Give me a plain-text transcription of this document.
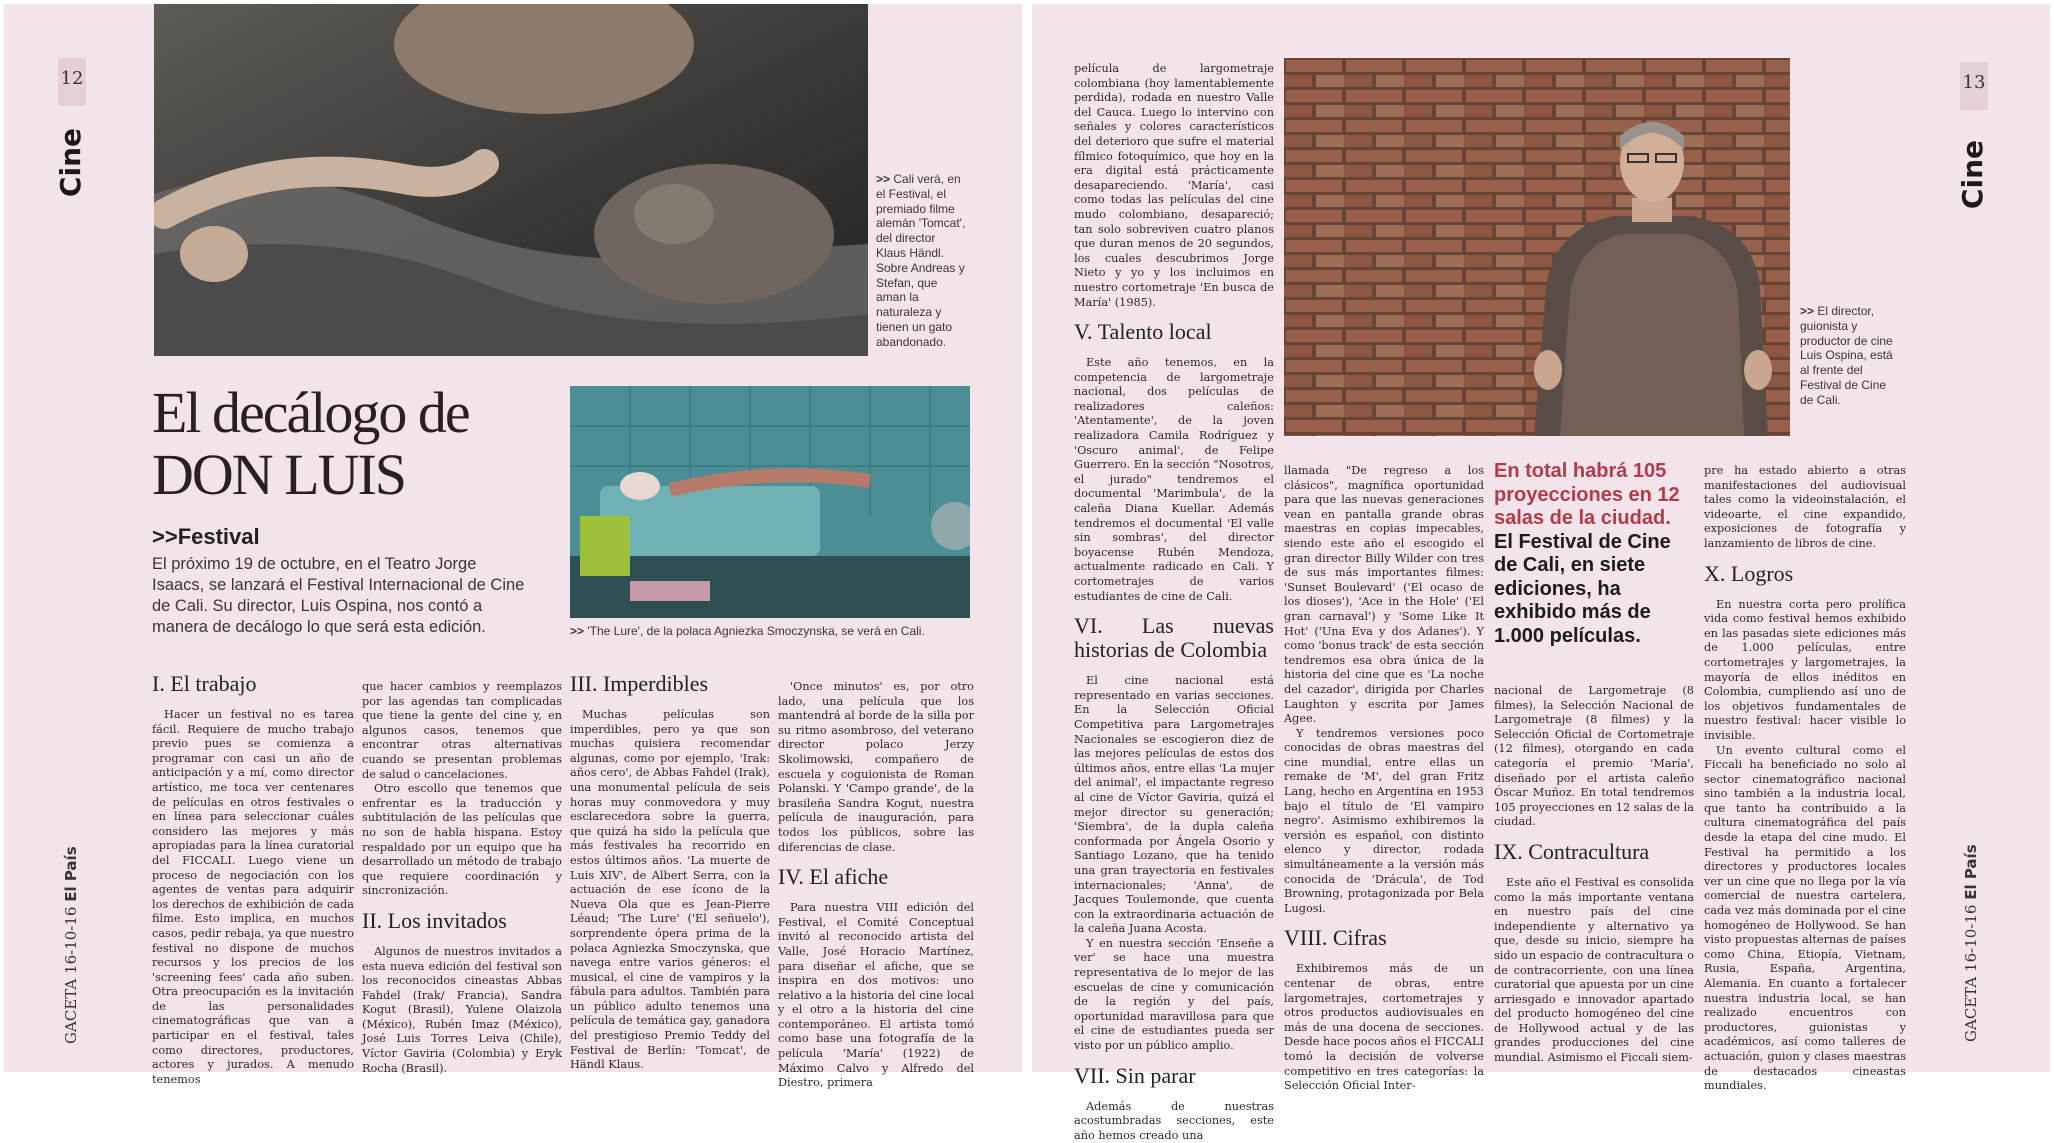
12
Cine
GACETA 16-10-16 El País
>> Cali verá, en el Festival, el premiado filme alemán 'Tomcat', del director Klaus Händl. Sobre Andreas y Stefan, que aman la naturaleza y tienen un gato abandonado.
El decálogo de
DON LUIS
>>Festival
El próximo 19 de octubre, en el Teatro Jorge Isaacs, se lanzará el Festival Internacional de Cine de Cali. Su director, Luis Ospina, nos contó a manera de decálogo lo que será esta edición.	>> 'The Lure', de la polaca Agniezka Smoczynska, se verá en Cali.
I. El trabajo

Hacer un festival no es tarea fácil. Requiere de mucho trabajo previo pues se comienza a programar con casi un año de anticipación y a mí, como director artístico, me toca ver centenares de películas en otros festivales o en línea para seleccionar cuáles considero las mejores y más apropiadas para la línea curatorial del FICCALI. Luego viene un proceso de negociación con los agentes de ventas para adquirir los derechos de exhibición de cada filme. Esto implica, en muchos casos, pedir rebaja, ya que nuestro festival no dispone de muchos recursos y los precios de los 'screening fees' cada año suben. Otra preocupación es la invitación de las personalidades cinematográficas que van a participar en el festival, tales como directores, productores, actores y jurados. A menudo tenemos

que hacer cambios y reemplazos por las agendas tan complicadas que tiene la gente del cine y, en algunos casos, tenemos que encontrar otras alternativas cuando se presentan problemas de salud o cancelaciones.

Otro escollo que tenemos que enfrentar es la traducción y subtitulación de las películas que no son de habla hispana. Estoy respaldado por un equipo que ha desarrollado un método de trabajo que requiere coordinación y sincronización.

II. Los invitados

Algunos de nuestros invitados a esta nueva edición del festival son los reconocidos cineastas Abbas Fahdel (Irak/ Francia), Sandra Kogut (Brasil), Yulene Olaizola (México), Rubén Imaz (México), José Luis Torres Leiva (Chile), Víctor Gaviria (Colombia) y Eryk Rocha (Brasil).

III. Imperdibles

Muchas películas son imperdibles, pero ya que son muchas quisiera recomendar algunas, como por ejemplo, 'Irak: años cero', de Abbas Fahdel (Irak), una monumental película de seis horas muy conmovedora y muy esclarecedora sobre la guerra, que quizá ha sido la película que más festivales ha recorrido en estos últimos años. 'La muerte de Luis XIV', de Albert Serra, con la actuación de ese ícono de la Nueva Ola que es Jean-Pierre Léaud; 'The Lure' ('El señuelo'), sorprendente ópera prima de la polaca Agniezka Smoczynska, que navega entre varios géneros: el musical, el cine de vampiros y la fábula para adultos. También para un público adulto tenemos una película de temática gay, ganadora del prestigioso Premio Teddy del Festival de Berlín: 'Tomcat', de Händl Klaus.

'Once minutos' es, por otro lado, una película que los mantendrá al borde de la silla por su ritmo asombroso, del veterano director polaco Jerzy Skolimowski, compañero de escuela y coguionista de Roman Polanski. Y 'Campo grande', de la brasileña Sandra Kogut, nuestra película de inauguración, para todos los públicos, sobre las diferencias de clase.

IV. El afiche

Para nuestra VIII edición del Festival, el Comité Conceptual invitó al reconocido artista del Valle, José Horacio Martínez, para diseñar el afiche, que se inspira en dos motivos: uno relativo a la historia del cine local y el otro a la historia del cine contemporáneo. El artista tomó como base una fotografía de la película 'María' (1922) de Máximo Calvo y Alfredo del Diestro, primera

13
Cine
GACETA 16-10-16 El País
>> El director, guionista y productor de cine Luis Ospina, está al frente del Festival de Cine de Cali.

película de largometraje colombiana (hoy lamentablemente perdida), rodada en nuestro Valle del Cauca. Luego lo intervino con señales y colores característicos del deterioro que sufre el material fílmico fotoquímico, que hoy en la era digital está prácticamente desapareciendo. 'María', casi como todas las películas del cine mudo colombiano, desapareció; tan solo sobreviven cuatro planos que duran menos de 20 segundos, los cuales descubrimos Jorge Nieto y yo y los incluimos en nuestro cortometraje 'En busca de María' (1985).

V. Talento local

Este año tenemos, en la competencia de largometraje nacional, dos películas de realizadores caleños: 'Atentamente', de la joven realizadora Camila Rodríguez y 'Oscuro animal', de Felipe Guerrero. En la sección "Nosotros, el jurado" tendremos el documental 'Marimbula', de la caleña Diana Kuellar. Además tendremos el documental 'El valle sin sombras', del director boyacense Rubén Mendoza, actualmente radicado en Cali. Y cortometrajes de varios estudiantes de cine de Cali.

VI. Las nuevas historias de Colombia

El cine nacional está representado en varias secciones. En la Selección Oficial Competitiva para Largometrajes Nacionales se escogieron diez de las mejores películas de estos dos últimos años, entre ellas 'La mujer del animal', el impactante regreso al cine de Víctor Gaviria, quizá el mejor director su generación; 'Siembra', de la dupla caleña conformada por Ángela Osorio y Santiago Lozano, que ha tenido una gran trayectoria en festivales internacionales; 'Anna', de Jacques Toulemonde, que cuenta con la extraordinaria actuación de la caleña Juana Acosta.

Y en nuestra sección 'Enseñe a ver' se hace una muestra representativa de lo mejor de las escuelas de cine y comunicación de la región y del país, oportunidad maravillosa para que el cine de estudiantes pueda ser visto por un público amplio.

VII. Sin parar

Además de nuestras acostumbradas secciones, este año hemos creado una

llamada "De regreso a los clásicos", magnífica oportunidad para que las nuevas generaciones vean en pantalla grande obras maestras en copias impecables, siendo este año el escogido el gran director Billy Wilder con tres de sus más importantes filmes: 'Sunset Boulevard' ('El ocaso de los dioses'), 'Ace in the Hole' ('El gran carnaval') y 'Some Like It Hot' ('Una Eva y dos Adanes'). Y como 'bonus track' de esta sección tendremos esa obra única de la historia del cine que es 'La noche del cazador', dirigida por Charles Laughton y escrita por James Agee.

Y tendremos versiones poco conocidas de obras maestras del cine mundial, entre ellas un remake de 'M', del gran Fritz Lang, hecho en Argentina en 1953 bajo el título de 'El vampiro negro'. Asimismo exhibiremos la versión es español, con distinto elenco y director, rodada simultáneamente a la versión más conocida de 'Drácula', de Tod Browning, protagonizada por Bela Lugosi.

VIII. Cifras

Exhibiremos más de un centenar de obras, entre largometrajes, cortometrajes y otros productos audiovisuales en más de una docena de secciones. Desde hace pocos años el FICCALI tomó la decisión de volverse competitivo en tres categorías: la Selección Oficial Inter-

En total habrá 105 proyecciones en 12 salas de la ciudad. El Festival de Cine de Cali, en siete ediciones, ha exhibido más de 1.000 películas.

nacional de Largometraje (8 filmes), la Selección Nacional de Largometraje (8 filmes) y la Selección Oficial de Cortometraje (12 filmes), otorgando en cada categoría el premio 'María', diseñado por el artista caleño Óscar Muñoz. En total tendremos 105 proyecciones en 12 salas de la ciudad.

IX. Contracultura

Este año el Festival es consolida como la más importante ventana en nuestro país del cine independiente y alternativo ya que, desde su inicio, siempre ha sido un espacio de contracultura o de contracorriente, con una línea curatorial que apuesta por un cine arriesgado e innovador apartado del producto homogéneo del cine de Hollywood actual y de las grandes producciones del cine mundial. Asimismo el Ficcali siem-

pre ha estado abierto a otras manifestaciones del audiovisual tales como la videoinstalación, el videoarte, el cine expandido, exposiciones de fotografía y lanzamiento de libros de cine.

X. Logros

En nuestra corta pero prolífica vida como festival hemos exhibido en las pasadas siete ediciones más de 1.000 películas, entre cortometrajes y largometrajes, la mayoría de ellos inéditos en Colombia, cumpliendo así uno de los objetivos fundamentales de nuestro festival: hacer visible lo invisible.

Un evento cultural como el Ficcali ha beneficiado no solo al sector cinematográfico nacional sino también a la industria local, que tanto ha contribuido a la cultura cinematográfica del país desde la etapa del cine mudo. El Festival ha permitido a los directores y productores locales ver un cine que no llega por la vía comercial de nuestra cartelera, cada vez más dominada por el cine homogéneo de Hollywood. Se han visto propuestas alternas de países como China, Etiopía, Vietnam, Rusia, España, Argentina, Alemania. En cuanto a fortalecer nuestra industria local, se han realizado encuentros con productores, guionistas y académicos, así como talleres de actuación, guion y clases maestras de destacados cineastas mundiales.
